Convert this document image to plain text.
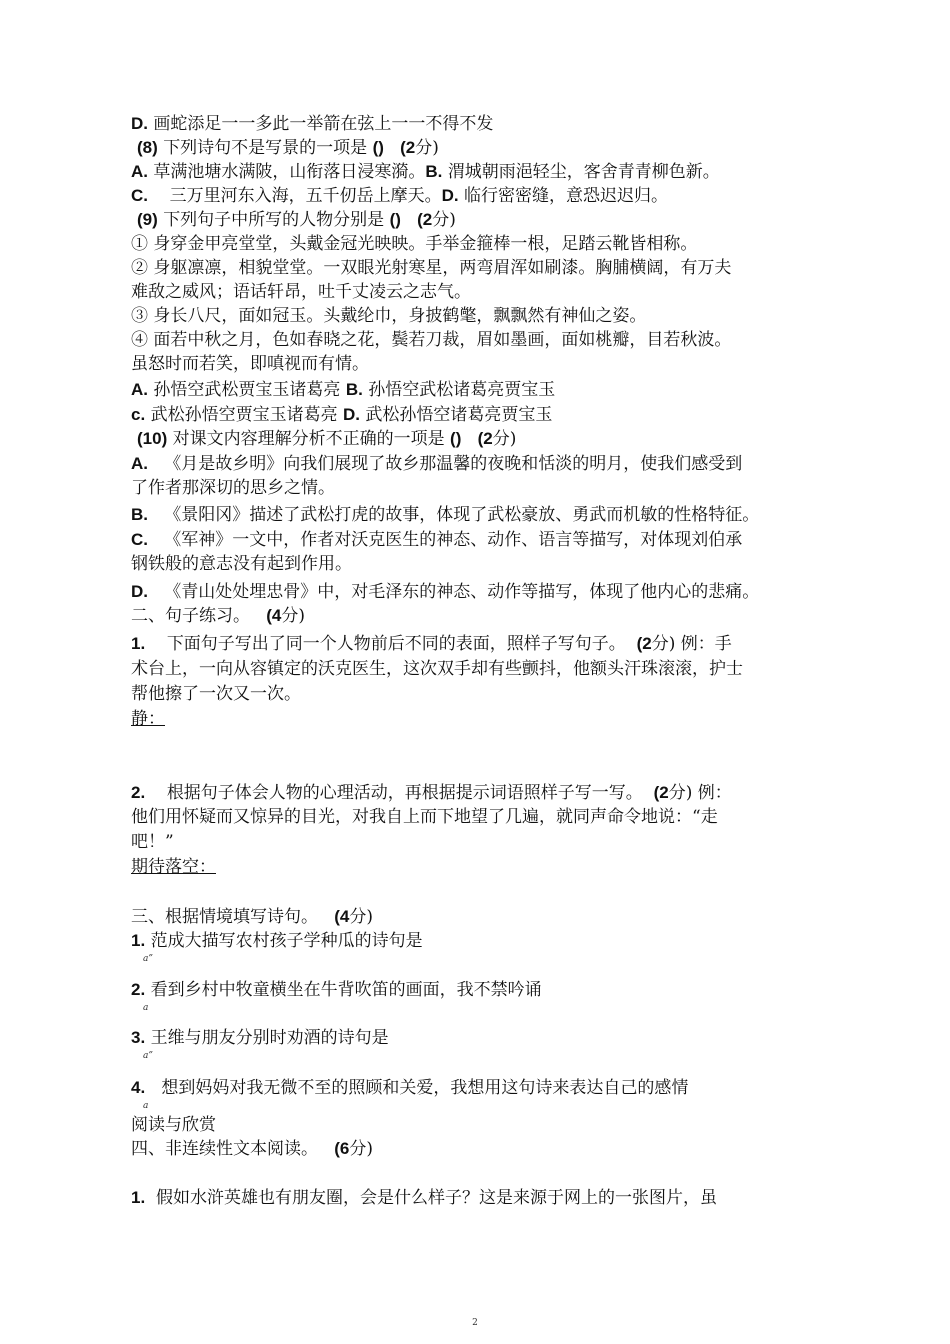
D. 画蛇添足一一多此一举箭在弦上一一不得不发
(8) 下列诗句不是写景的一项是 () (2分)
A. 草满池塘水满陂，山衔落日浸寒漪。B. 渭城朝雨浥轻尘，客舍青青柳色新。
C. 三万里河东入海，五千仞岳上摩天。D. 临行密密缝，意恐迟迟归。
(9) 下列句子中所写的人物分别是 () (2分)
① 身穿金甲亮堂堂，头戴金冠光映映。手举金箍棒一根，足踏云靴皆相称。
② 身躯凛凛，相貌堂堂。一双眼光射寒星，两弯眉浑如刷漆。胸脯横阔，有万夫
难敌之威风；语话轩昂，吐千丈凌云之志气。
③ 身长八尺，面如冠玉。头戴纶巾，身披鹤氅，飘飘然有神仙之姿。
④ 面若中秋之月，色如春晓之花，鬓若刀裁，眉如墨画，面如桃瓣，目若秋波。
虽怒时而若笑，即嗔视而有情。
A. 孙悟空武松贾宝玉诸葛亮 B. 孙悟空武松诸葛亮贾宝玉
c. 武松孙悟空贾宝玉诸葛亮 D. 武松孙悟空诸葛亮贾宝玉
(10) 对课文内容理解分析不正确的一项是 () (2分)
A. 《月是故乡明》向我们展现了故乡那温馨的夜晚和恬淡的明月，使我们感受到
了作者那深切的思乡之情。
B. 《景阳冈》描述了武松打虎的故事，体现了武松豪放、勇武而机敏的性格特征。
C. 《军神》一文中，作者对沃克医生的神态、动作、语言等描写，对体现刘伯承
钢铁般的意志没有起到作用。
D. 《青山处处埋忠骨》中，对毛泽东的神态、动作等描写，体现了他内心的悲痛。
二、句子练习。 (4分)
1. 下面句子写出了同一个人物前后不同的表面，照样子写句子。 (2分) 例：手
术台上，一向从容镇定的沃克医生，这次双手却有些颤抖，他额头汗珠滚滚，护士
帮他擦了一次又一次。
静：
2. 根据句子体会人物的心理活动，再根据提示词语照样子写一写。 (2分) 例：
他们用怀疑而又惊异的目光，对我自上而下地望了几遍，就同声命令地说：“走
吧！”
期待落空：
三、根据情境填写诗句。 (4分)
1. 范成大描写农村孩子学种瓜的诗句是
a”
2. 看到乡村中牧童横坐在牛背吹笛的画面，我不禁吟诵
a
3. 王维与朋友分别时劝酒的诗句是
a”
4. 想到妈妈对我无微不至的照顾和关爱，我想用这句诗来表达自己的感情
a
阅读与欣赏
四、非连续性文本阅读。 (6分)
1. 假如水浒英雄也有朋友圈，会是什么样子？这是来源于网上的一张图片，虽
2
